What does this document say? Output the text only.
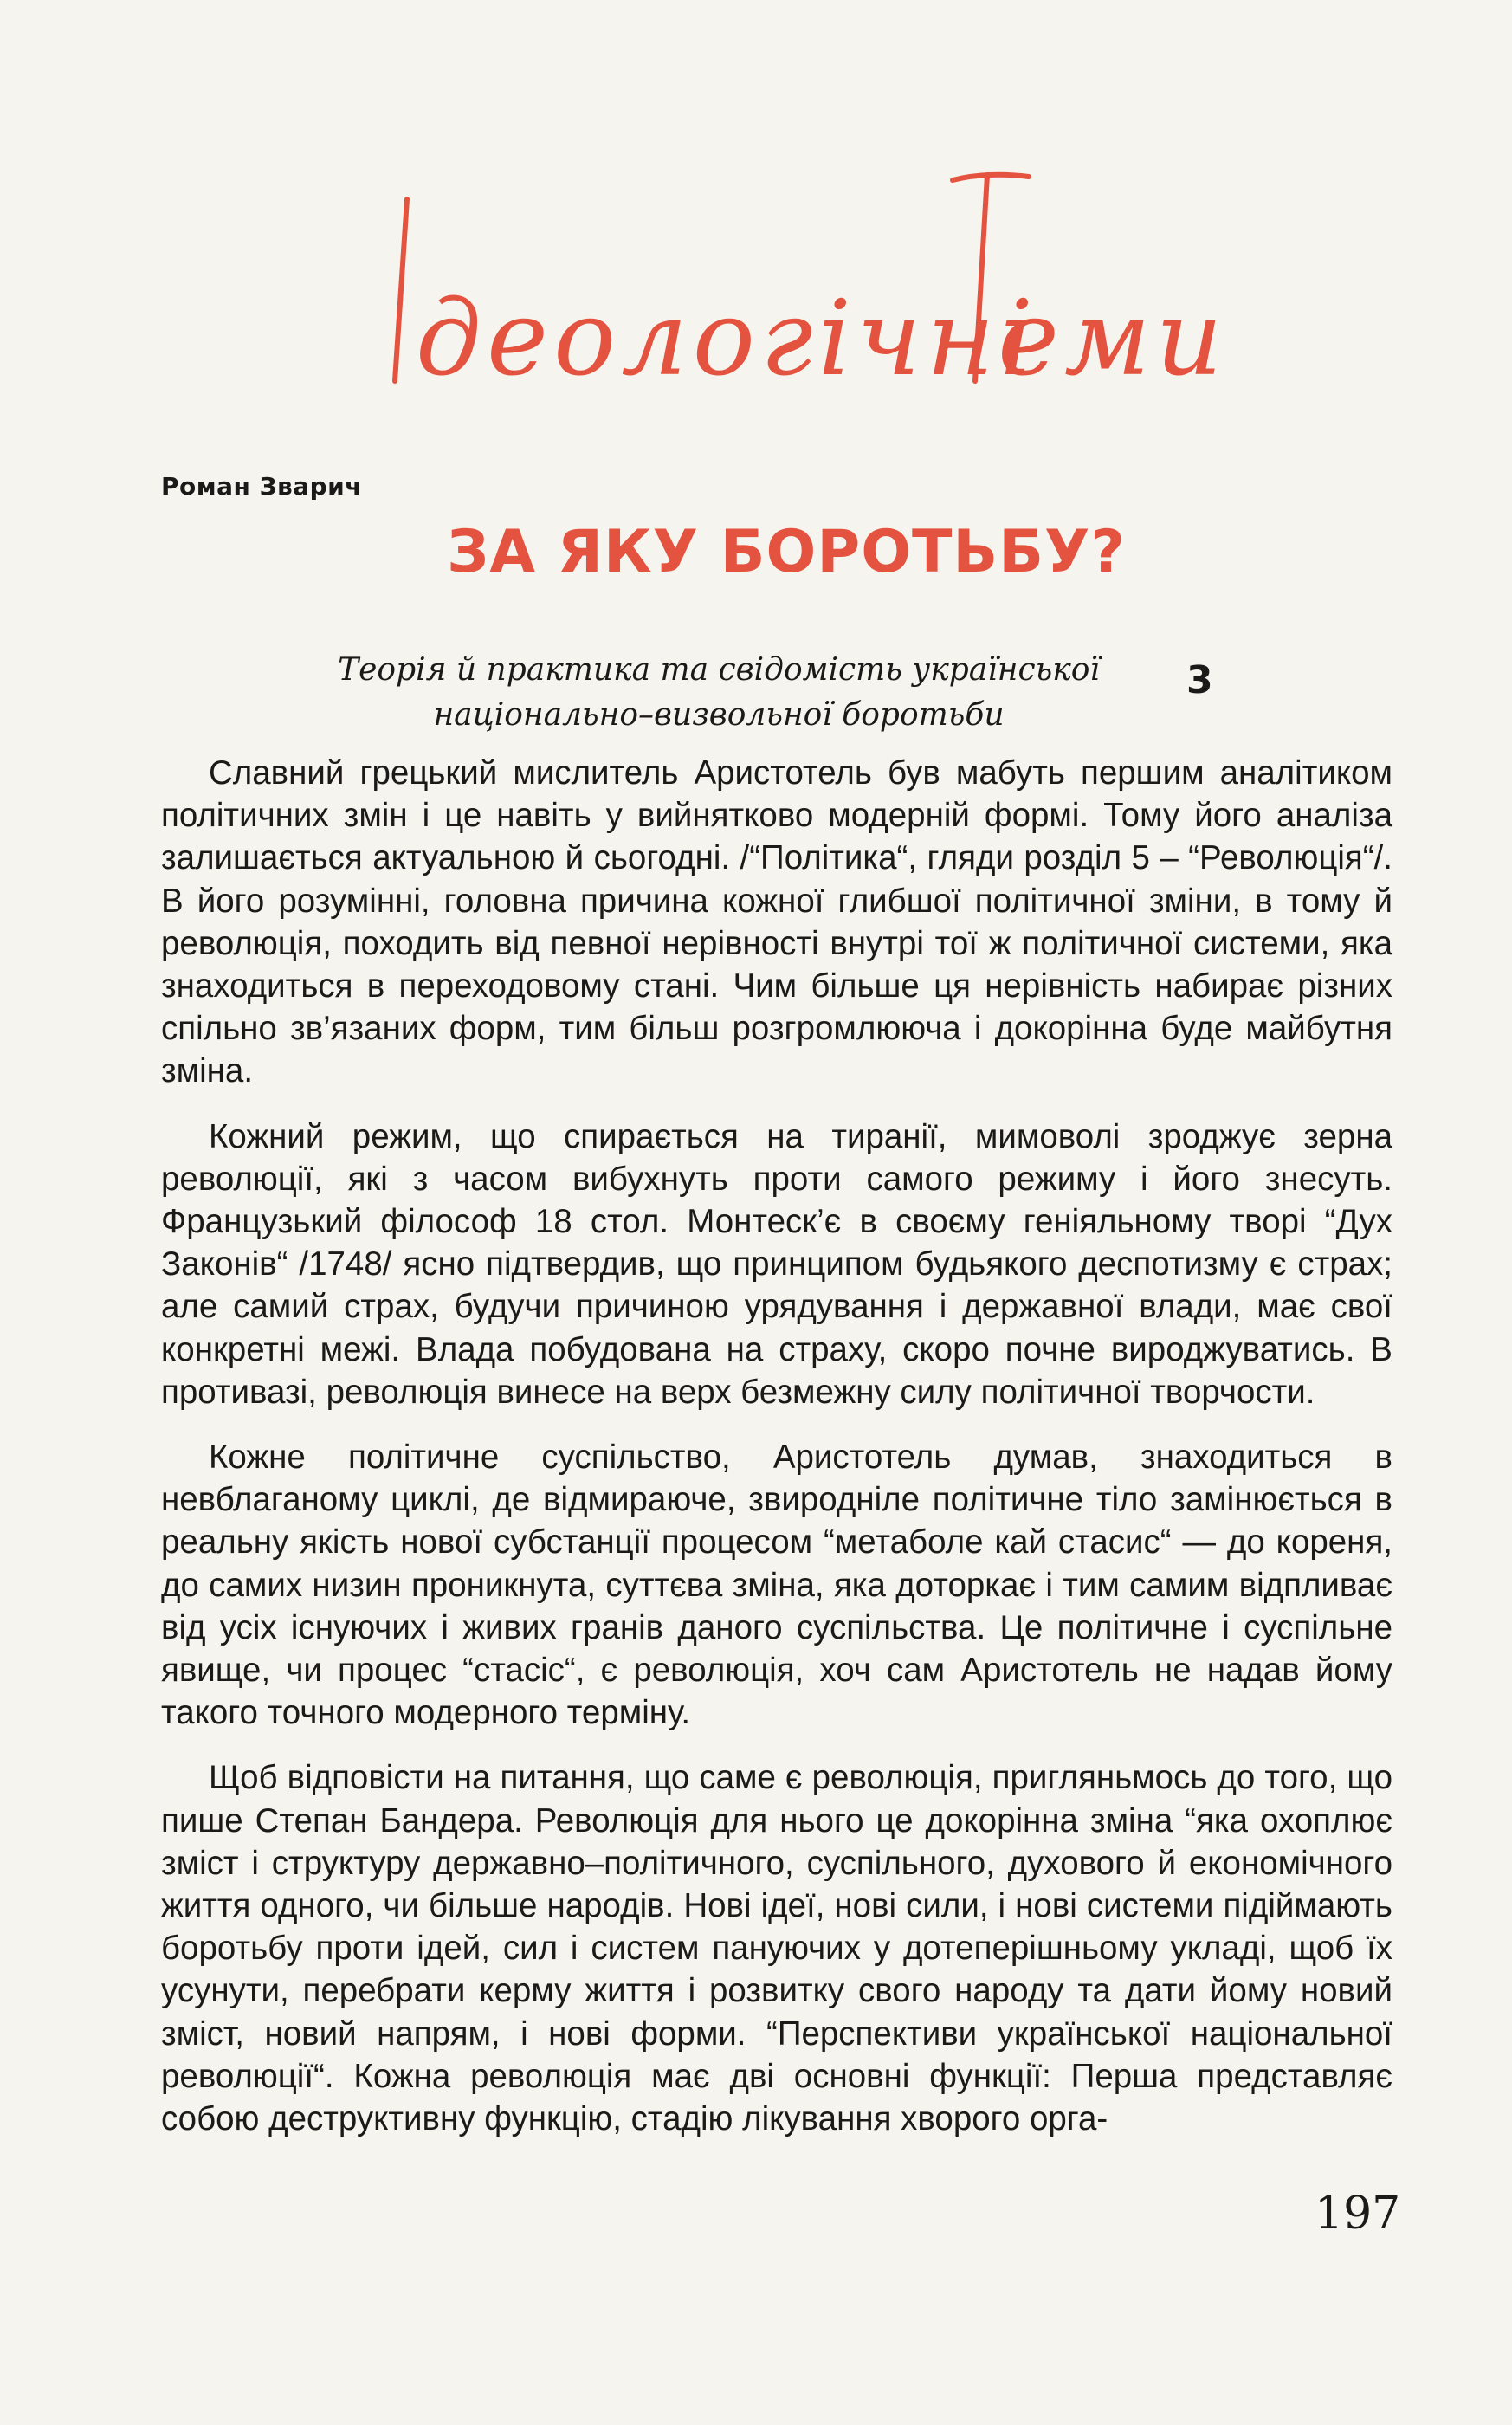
деологічні
еми
Роман Зварич
ЗА ЯКУ БОРОТЬБУ?
Теорія й практика та свідомість української
національно–визвольної боротьби
3

Славний грецький мислитель Аристотель був мабуть першим аналітиком політичних змін і це навіть у вийнятково модерній формі. Тому його аналіза залишається актуальною й сьогодні. /“Політика“, гляди розділ 5 – “Революція“/. В його розумінні, головна причина кожної глибшої політичної зміни, в тому й революція, походить від певної нерівності внутрі тої ж політичної системи, яка знаходиться в переходовому стані. Чим більше ця нерівність набирає різних спільно зв’язаних форм, тим більш розгромлююча і докорінна буде майбутня зміна.

Кожний режим, що спирається на тиранії, мимоволі зроджує зерна революції, які з часом вибухнуть проти самого режиму і його знесуть. Французький філософ 18 стол. Монтеск’є в своєму геніяльному творі “Дух Законів“ /1748/ ясно підтвердив, що принципом будьякого деспотизму є страх; але самий страх, будучи причиною урядування і державної влади, має свої конкретні межі. Влада побудована на страху, скоро почне вироджуватись. В противазі, революція винесе на верх безмежну силу політичної творчости.

Кожне політичне суспільство, Аристотель думав, знаходиться в невблаганому циклі, де відмираюче, звироднілe політичне тіло замінюється в реальну якість нової субстанції процесом “метаболе кай стасис“ — до кореня, до самих низин проникнута, суттєва зміна, яка доторкає і тим самим відпливає від усіх існуючих і живих гранів даного суспільства. Це політичне і суспільне явище, чи процес “стасіс“, є революція, хоч сам Аристотель не надав йому такого точного модерного терміну.

Щоб відповісти на питання, що саме є революція, пригляньмось до того, що пише Степан Бандера. Революція для нього це докорінна зміна “яка охоплює зміст і структуру державно–політичного, суспільного, духового й економічного життя одного, чи більше народів. Нові ідеї, нові сили, і нові системи підіймають боротьбу проти ідей, сил і систем пануючих у дотеперішньому укладі, щоб їх усунути, перебрати керму життя і розвитку свого народу та дати йому новий зміст, новий напрям, і нові форми. “Перспективи української національної революції“. Кожна революція має дві основні функції: Перша представляє собою деструктивну функцію, стадію лікування хворого орга-

197
